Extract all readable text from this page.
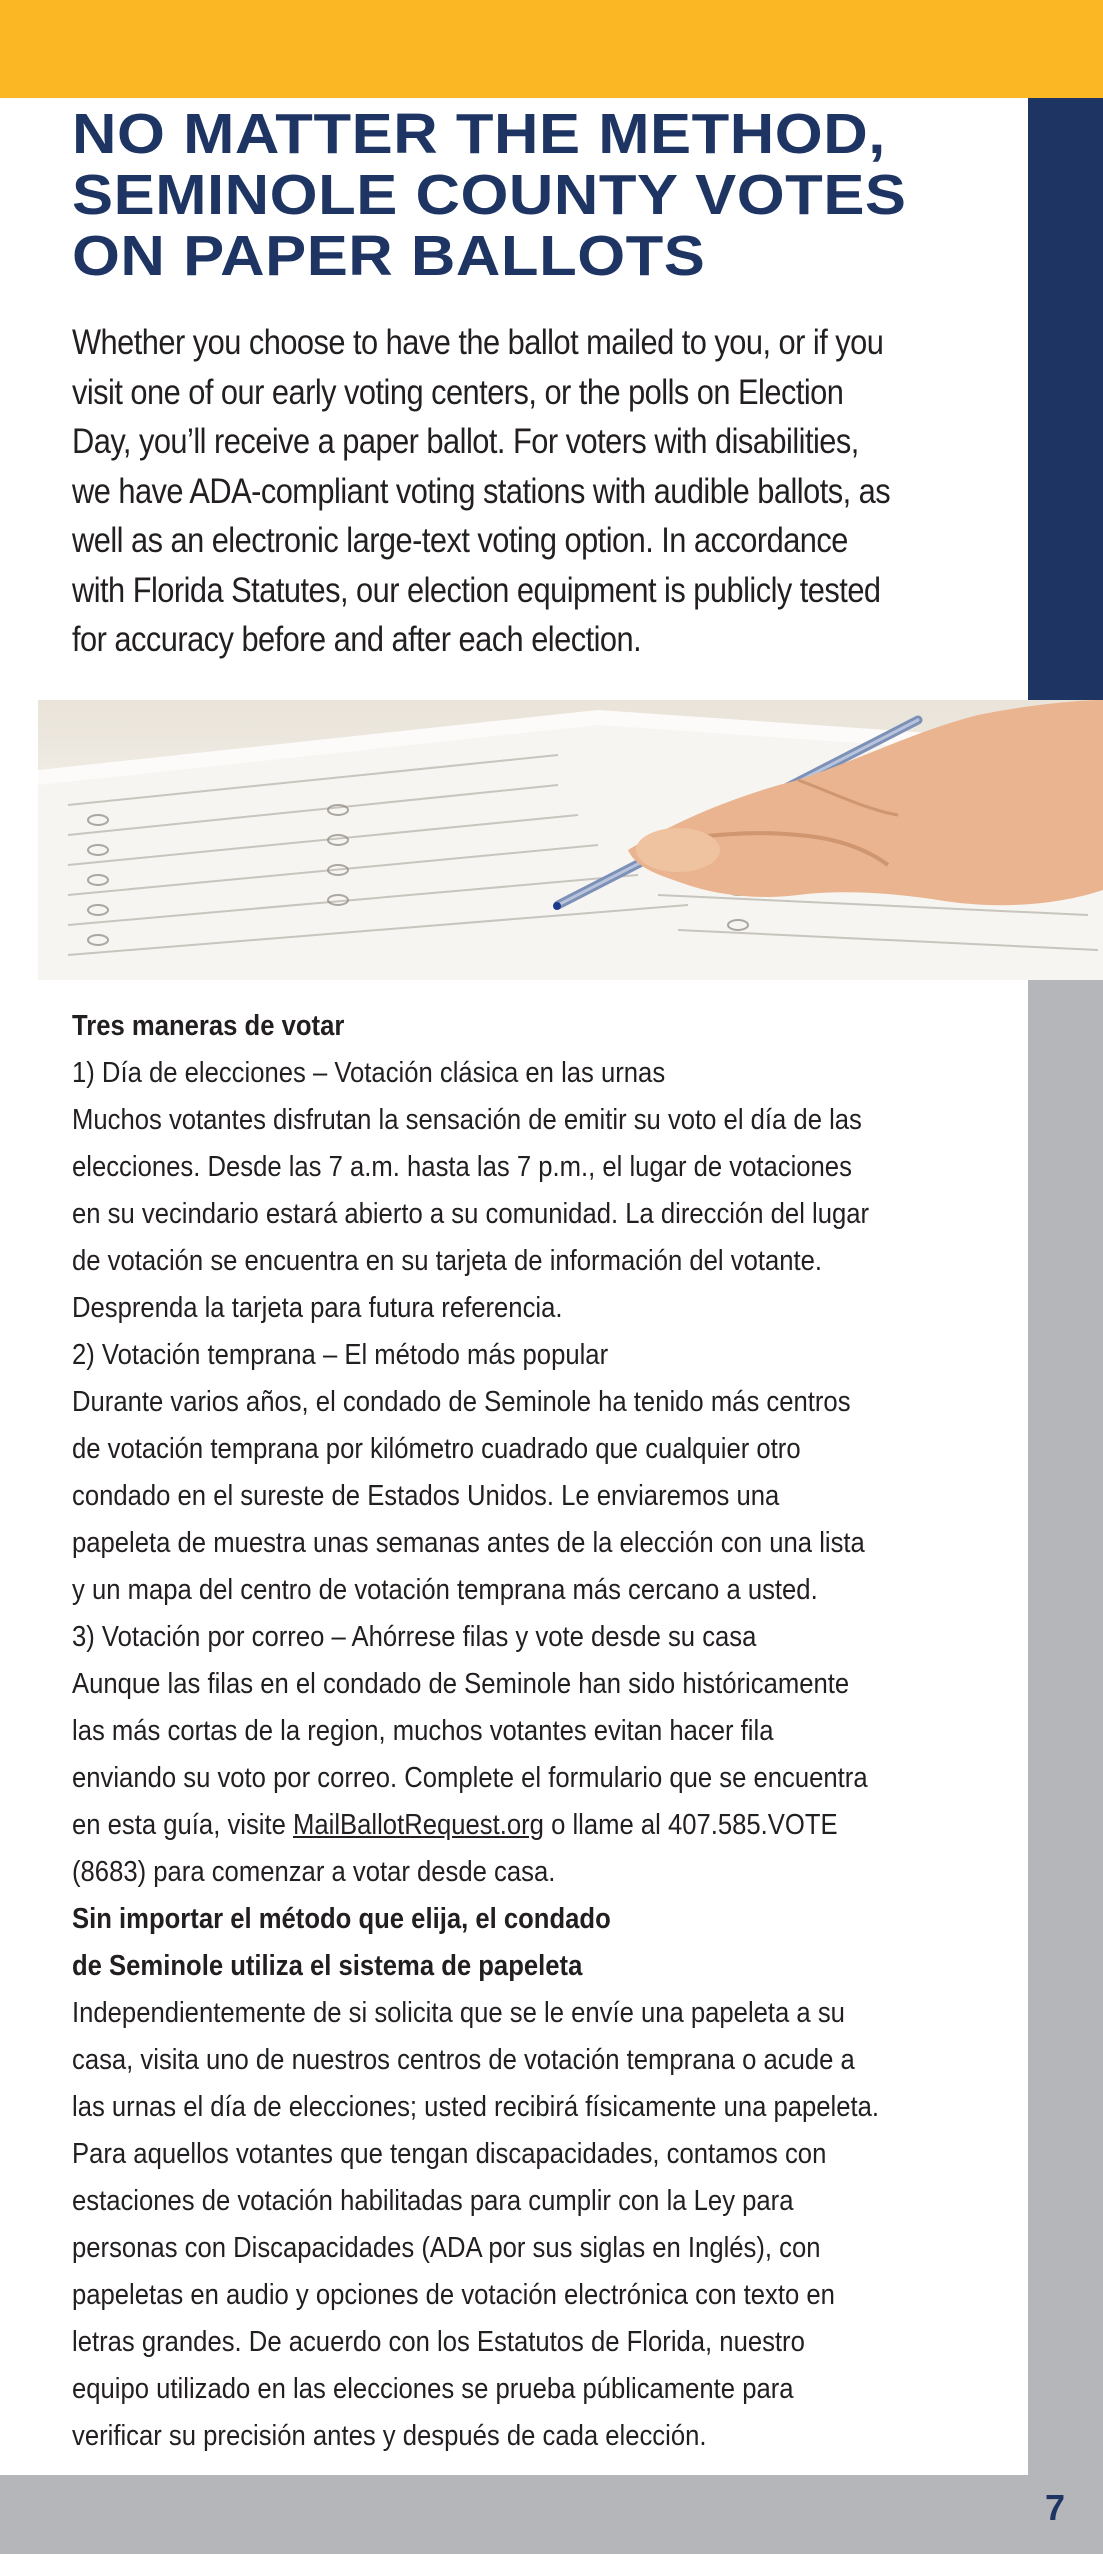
NO MATTER THE METHOD,
SEMINOLE COUNTY VOTES
ON PAPER BALLOTS

Whether you choose to have the ballot mailed to you, or if you
visit one of our early voting centers, or the polls on Election
Day, you’ll receive a paper ballot. For voters with disabilities,
we have ADA-compliant voting stations with audible ballots, as
well as an electronic large-text voting option. In accordance
with Florida Statutes, our election equipment is publicly tested
for accuracy before and after each election.

Tres maneras de votar
1) Día de elecciones – Votación clásica en las urnas
Muchos votantes disfrutan la sensación de emitir su voto el día de las
elecciones. Desde las 7 a.m. hasta las 7 p.m., el lugar de votaciones
en su vecindario estará abierto a su comunidad. La dirección del lugar
de votación se encuentra en su tarjeta de información del votante.
Desprenda la tarjeta para futura referencia.
2) Votación temprana – El método más popular
Durante varios años, el condado de Seminole ha tenido más centros
de votación temprana por kilómetro cuadrado que cualquier otro
condado en el sureste de Estados Unidos. Le enviaremos una
papeleta de muestra unas semanas antes de la elección con una lista
y un mapa del centro de votación temprana más cercano a usted.
3) Votación por correo – Ahórrese filas y vote desde su casa
Aunque las filas en el condado de Seminole han sido históricamente
las más cortas de la region, muchos votantes evitan hacer fila
enviando su voto por correo. Complete el formulario que se encuentra
en esta guía, visite MailBallotRequest.org o llame al 407.585.VOTE
(8683) para comenzar a votar desde casa.
Sin importar el método que elija, el condado
de Seminole utiliza el sistema de papeleta
Independientemente de si solicita que se le envíe una papeleta a su
casa, visita uno de nuestros centros de votación temprana o acude a
las urnas el día de elecciones; usted recibirá físicamente una papeleta.
Para aquellos votantes que tengan discapacidades, contamos con
estaciones de votación habilitadas para cumplir con la Ley para
personas con Discapacidades (ADA por sus siglas en Inglés), con
papeletas en audio y opciones de votación electrónica con texto en
letras grandes. De acuerdo con los Estatutos de Florida, nuestro
equipo utilizado en las elecciones se prueba públicamente para
verificar su precisión antes y después de cada elección.
7
